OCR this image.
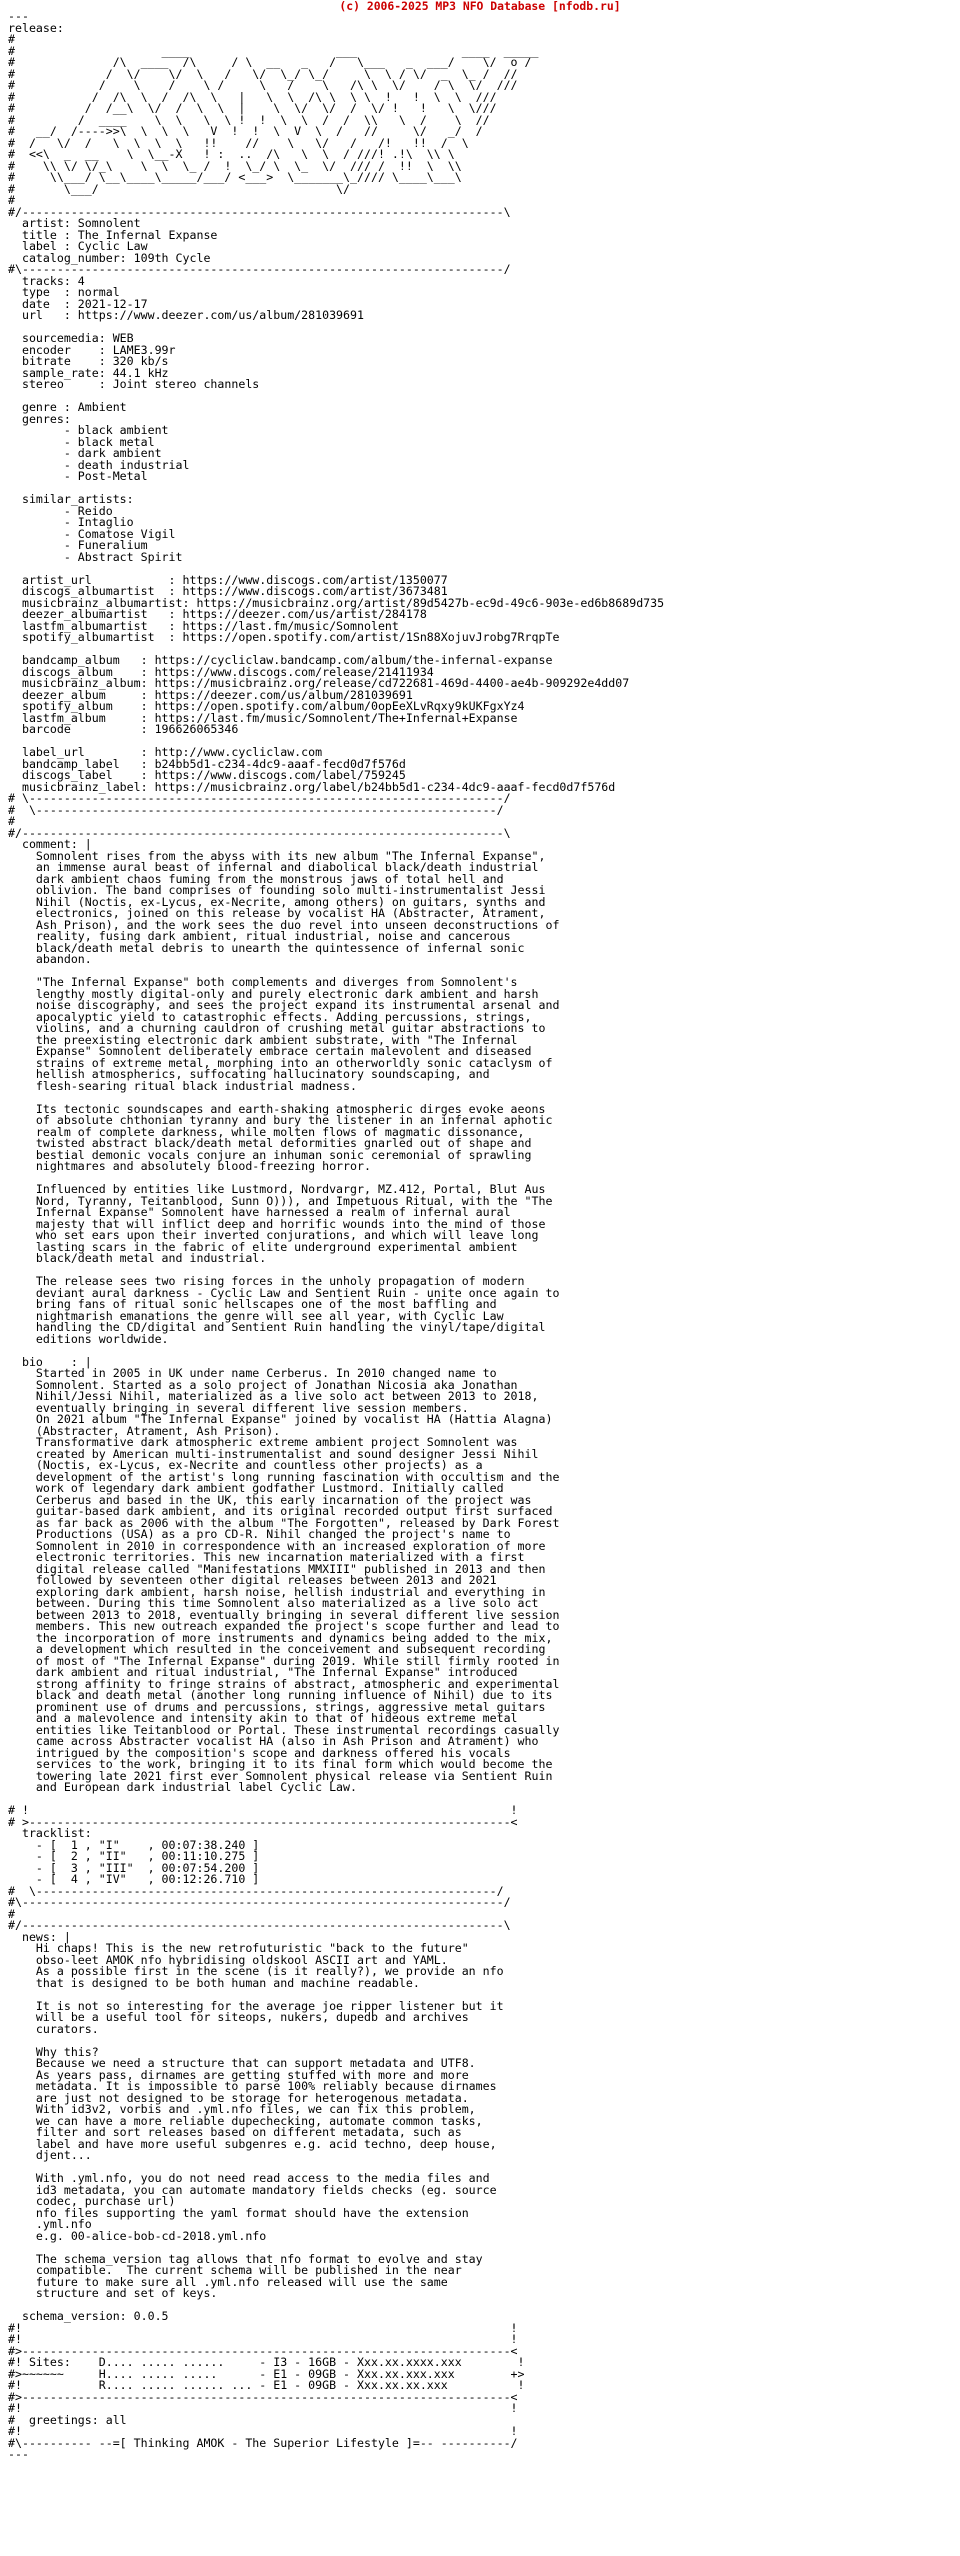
(c) 2006-2025 MP3 NFO Database [nfodb.ru]
---
release:
#
#                     ____                     ___               ____  _____
#              /\  ____  /\     / \  __   _   /   \___   _  ___/    \/  o /
#             /  \/    \/  \   /   \/  \_/ \_/     \  \ / \/  _  \_ /  //
#            /    \    /    \ /     \   /    \   /\ \  \/    / \  \/  ///
#           /  /\  \  /  /\  \   |   \  \  /\ \  \ \  !   !  \  \  ///
#          /  /__\  \/  /  \  \  |    \  \/  \/  /  \/ !   !   \  \///
#         /  ____    \  \   \  \ !  !  \  \  /  /  \\   \  /    \  //
#   __/  /---->>\  \  \  \   V  !  !  \  V  \  /   //     \/   _/  /
#  /   \/  /   \  \  \  \   !!    //    \   \/   /   /!   !!  /  \
#  <<\  _  __    \  \__-X   ! :  ..  /\   \  \  / ///! .!\  \\ \
#    \\ \/ \/_\    \  \  \_ /  !  \_/ \  \_  \/  /// /  !!  \  \\
#     \\___/ \__\____\_____/___/ <___>  \_______\_//// \____\___\
#       \___/                                  \/
#
#/---------------------------------------------------------------------\
artist: Somnolent
title : The Infernal Expanse
label : Cyclic Law
catalog_number: 109th Cycle
#\---------------------------------------------------------------------/
tracks: 4
type  : normal
date  : 2021-12-17
url   : https://www.deezer.com/us/album/281039691

sourcemedia: WEB
encoder    : LAME3.99r
bitrate    : 320 kb/s
sample_rate: 44.1 kHz
stereo     : Joint stereo channels

genre : Ambient
genres:
- black ambient
- black metal
- dark ambient
- death industrial
- Post-Metal

similar_artists:
- Reido
- Intaglio
- Comatose Vigil
- Funeralium
- Abstract Spirit

artist_url           : https://www.discogs.com/artist/1350077
discogs_albumartist  : https://www.discogs.com/artist/3673481
musicbrainz_albumartist: https://musicbrainz.org/artist/89d5427b-ec9d-49c6-903e-ed6b8689d735
deezer_albumartist   : https://deezer.com/us/artist/284178
lastfm_albumartist   : https://last.fm/music/Somnolent
spotify_albumartist  : https://open.spotify.com/artist/1Sn88XojuvJrobg7RrqpTe

bandcamp_album   : https://cycliclaw.bandcamp.com/album/the-infernal-expanse
discogs_album    : https://www.discogs.com/release/21411934
musicbrainz_album: https://musicbrainz.org/release/cd722681-469d-4400-ae4b-909292e4dd07
deezer_album     : https://deezer.com/us/album/281039691
spotify_album    : https://open.spotify.com/album/0opEeXLvRqxy9kUKFgxYz4
lastfm_album     : https://last.fm/music/Somnolent/The+Infernal+Expanse
barcode          : 196626065346

label_url        : http://www.cycliclaw.com
bandcamp_label   : b24bb5d1-c234-4dc9-aaaf-fecd0d7f576d
discogs_label    : https://www.discogs.com/label/759245
musicbrainz_label: https://musicbrainz.org/label/b24bb5d1-c234-4dc9-aaaf-fecd0d7f576d
# \--------------------------------------------------------------------/
#  \------------------------------------------------------------------/
#
#/---------------------------------------------------------------------\
comment: |
Somnolent rises from the abyss with its new album "The Infernal Expanse",
an immense aural beast of infernal and diabolical black/death industrial
dark ambient chaos fuming from the monstrous jaws of total hell and
oblivion. The band comprises of founding solo multi-instrumentalist Jessi
Nihil (Noctis, ex-Lycus, ex-Necrite, among others) on guitars, synths and
electronics, joined on this release by vocalist HA (Abstracter, Atrament,
Ash Prison), and the work sees the duo revel into unseen deconstructions of
reality, fusing dark ambient, ritual industrial, noise and cancerous
black/death metal debris to unearth the quintessence of infernal sonic
abandon.

"The Infernal Expanse" both complements and diverges from Somnolent's
lengthy mostly digital-only and purely electronic dark ambient and harsh
noise discography, and sees the project expand its instrumental arsenal and
apocalyptic yield to catastrophic effects. Adding percussions, strings,
violins, and a churning cauldron of crushing metal guitar abstractions to
the preexisting electronic dark ambient substrate, with "The Infernal
Expanse" Somnolent deliberately embrace certain malevolent and diseased
strains of extreme metal, morphing into an otherworldly sonic cataclysm of
hellish atmospherics, suffocating hallucinatory soundscaping, and
flesh-searing ritual black industrial madness.

Its tectonic soundscapes and earth-shaking atmospheric dirges evoke aeons
of absolute chthonian tyranny and bury the listener in an infernal aphotic
realm of complete darkness, while molten flows of magmatic dissonance,
twisted abstract black/death metal deformities gnarled out of shape and
bestial demonic vocals conjure an inhuman sonic ceremonial of sprawling
nightmares and absolutely blood-freezing horror.

Influenced by entities like Lustmord, Nordvargr, MZ.412, Portal, Blut Aus
Nord, Tyranny, Teitanblood, Sunn O))), and Impetuous Ritual, with the "The
Infernal Expanse" Somnolent have harnessed a realm of infernal aural
majesty that will inflict deep and horrific wounds into the mind of those
who set ears upon their inverted conjurations, and which will leave long
lasting scars in the fabric of elite underground experimental ambient
black/death metal and industrial.

The release sees two rising forces in the unholy propagation of modern
deviant aural darkness - Cyclic Law and Sentient Ruin - unite once again to
bring fans of ritual sonic hellscapes one of the most baffling and
nightmarish emanations the genre will see all year, with Cyclic Law
handling the CD/digital and Sentient Ruin handling the vinyl/tape/digital
editions worldwide.

bio    : |
Started in 2005 in UK under name Cerberus. In 2010 changed name to
Somnolent. Started as a solo project of Jonathan Nicosia aka Jonathan
Nihil/Jessi Nihil, materialized as a live solo act between 2013 to 2018,
eventually bringing in several different live session members.
On 2021 album "The Infernal Expanse" joined by vocalist HA (Hattia Alagna)
(Abstracter, Atrament, Ash Prison).
Transformative dark atmospheric extreme ambient project Somnolent was
created by American multi-instrumentalist and sound designer Jessi Nihil
(Noctis, ex-Lycus, ex-Necrite and countless other projects) as a
development of the artist's long running fascination with occultism and the
work of legendary dark ambient godfather Lustmord. Initially called
Cerberus and based in the UK, this early incarnation of the project was
guitar-based dark ambient, and its original recorded output first surfaced
as far back as 2006 with the album "The Forgotten", released by Dark Forest
Productions (USA) as a pro CD-R. Nihil changed the project's name to
Somnolent in 2010 in correspondence with an increased exploration of more
electronic territories. This new incarnation materialized with a first
digital release called "Manifestations MMXIII" published in 2013 and then
followed by seventeen other digital releases between 2013 and 2021
exploring dark ambient, harsh noise, hellish industrial and everything in
between. During this time Somnolent also materialized as a live solo act
between 2013 to 2018, eventually bringing in several different live session
members. This new outreach expanded the project's scope further and lead to
the incorporation of more instruments and dynamics being added to the mix,
a development which resulted in the conceivement and subsequent recording
of most of "The Infernal Expanse" during 2019. While still firmly rooted in
dark ambient and ritual industrial, "The Infernal Expanse" introduced
strong affinity to fringe strains of abstract, atmospheric and experimental
black and death metal (another long running influence of Nihil) due to its
prominent use of drums and percussions, strings, aggressive metal guitars
and a malevolence and intensity akin to that of hideous extreme metal
entities like Teitanblood or Portal. These instrumental recordings casually
came across Abstracter vocalist HA (also in Ash Prison and Atrament) who
intrigued by the composition's scope and darkness offered his vocals
services to the work, bringing it to its final form which would become the
towering late 2021 first ever Somnolent physical release via Sentient Ruin
and European dark industrial label Cyclic Law.

# !                                                                     !
# >---------------------------------------------------------------------<
tracklist:
- [  1 , "I"    , 00:07:38.240 ]
- [  2 , "II"   , 00:11:10.275 ]
- [  3 , "III"  , 00:07:54.200 ]
- [  4 , "IV"   , 00:12:26.710 ]
#  \------------------------------------------------------------------/
#\---------------------------------------------------------------------/
#
#/---------------------------------------------------------------------\
news: |
Hi chaps! This is the new retrofuturistic "back to the future"
obso-leet AMOK nfo hybridising oldskool ASCII art and YAML.
As a possible first in the scene (is it really?), we provide an nfo
that is designed to be both human and machine readable.

It is not so interesting for the average joe ripper listener but it
will be a useful tool for siteops, nukers, dupedb and archives
curators.

Why this?
Because we need a structure that can support metadata and UTF8.
As years pass, dirnames are getting stuffed with more and more
metadata. It is impossible to parse 100% reliably because dirnames
are just not designed to be storage for heterogenous metadata.
With id3v2, vorbis and .yml.nfo files, we can fix this problem,
we can have a more reliable dupechecking, automate common tasks,
filter and sort releases based on different metadata, such as
label and have more useful subgenres e.g. acid techno, deep house,
djent...

With .yml.nfo, you do not need read access to the media files and
id3 metadata, you can automate mandatory fields checks (eg. source
codec, purchase url)
nfo files supporting the yaml format should have the extension
.yml.nfo
e.g. 00-alice-bob-cd-2018.yml.nfo

The schema_version tag allows that nfo format to evolve and stay
compatible.  The current schema will be published in the near
future to make sure all .yml.nfo released will use the same
structure and set of keys.

schema_version: 0.0.5
#!                                                                      !
#!                                                                      !
#>----------------------------------------------------------------------<
#! Sites:    D.... ..... ......     - I3 - 16GB - Xxx.xx.xxxx.xxx        !
#>~~~~~~     H.... ..... .....      - E1 - 09GB - Xxx.xx.xxx.xxx        +>
#!           R.... ..... ...... ... - E1 - 09GB - Xxx.xx.xx.xxx          !
#>----------------------------------------------------------------------<
#!                                                                      !
#  greetings: all
#!                                                                      !
#\---------- --=[ Thinking AMOK - The Superior Lifestyle ]=-- ----------/
---
